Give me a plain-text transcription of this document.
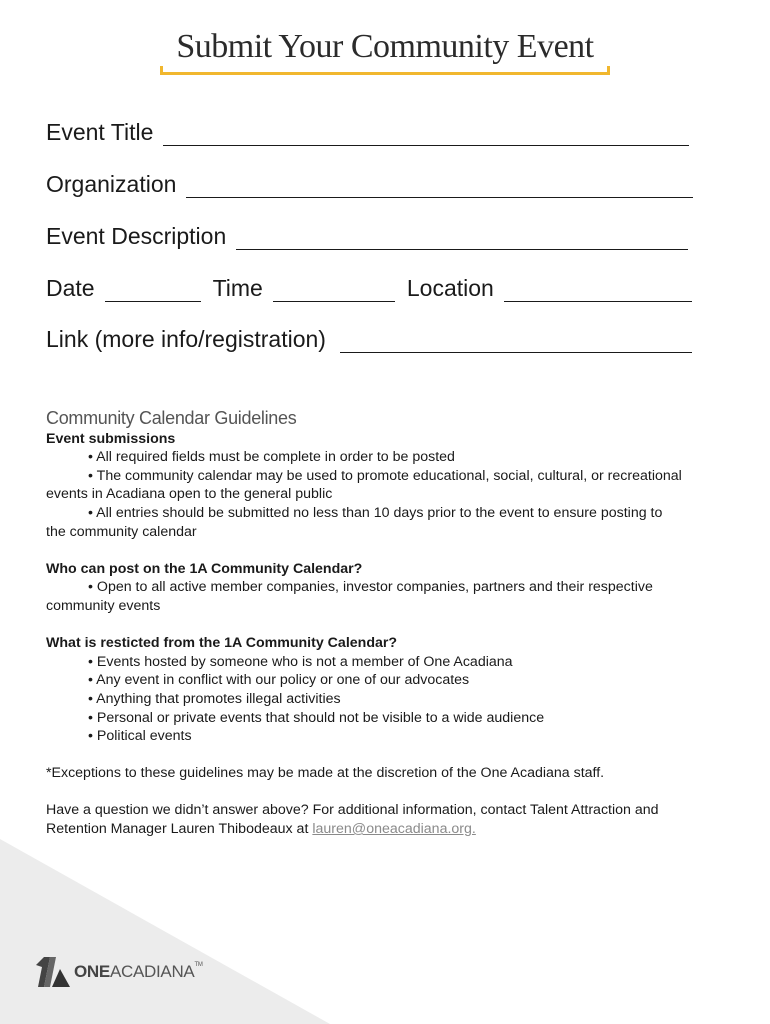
Submit Your Community Event
Event Title
Organization
Event Description
Date	Time	Location
Link (more info/registration)
Community Calendar Guidelines
Event submissions
• All required fields must be complete in order to be posted
• The community calendar may be used to promote educational, social, cultural, or recreational
events in Acadiana open to the general public
• All entries should be submitted no less than 10 days prior to the event to ensure posting to
the community calendar
Who can post on the 1A Community Calendar?
• Open to all active member companies, investor companies, partners and their respective
community events
What is resticted from the 1A Community Calendar?
• Events hosted by someone who is not a member of One Acadiana
• Any event in conflict with our policy or one of our advocates
• Anything that promotes illegal activities
• Personal or private events that should not be visible to a wide audience
• Political events
*Exceptions to these guidelines may be made at the discretion of the One Acadiana staff.
Have a question we didn’t answer above? For additional information, contact Talent Attraction and
Retention Manager Lauren Thibodeaux at lauren@oneacadiana.org.
ONEACADIANA™
